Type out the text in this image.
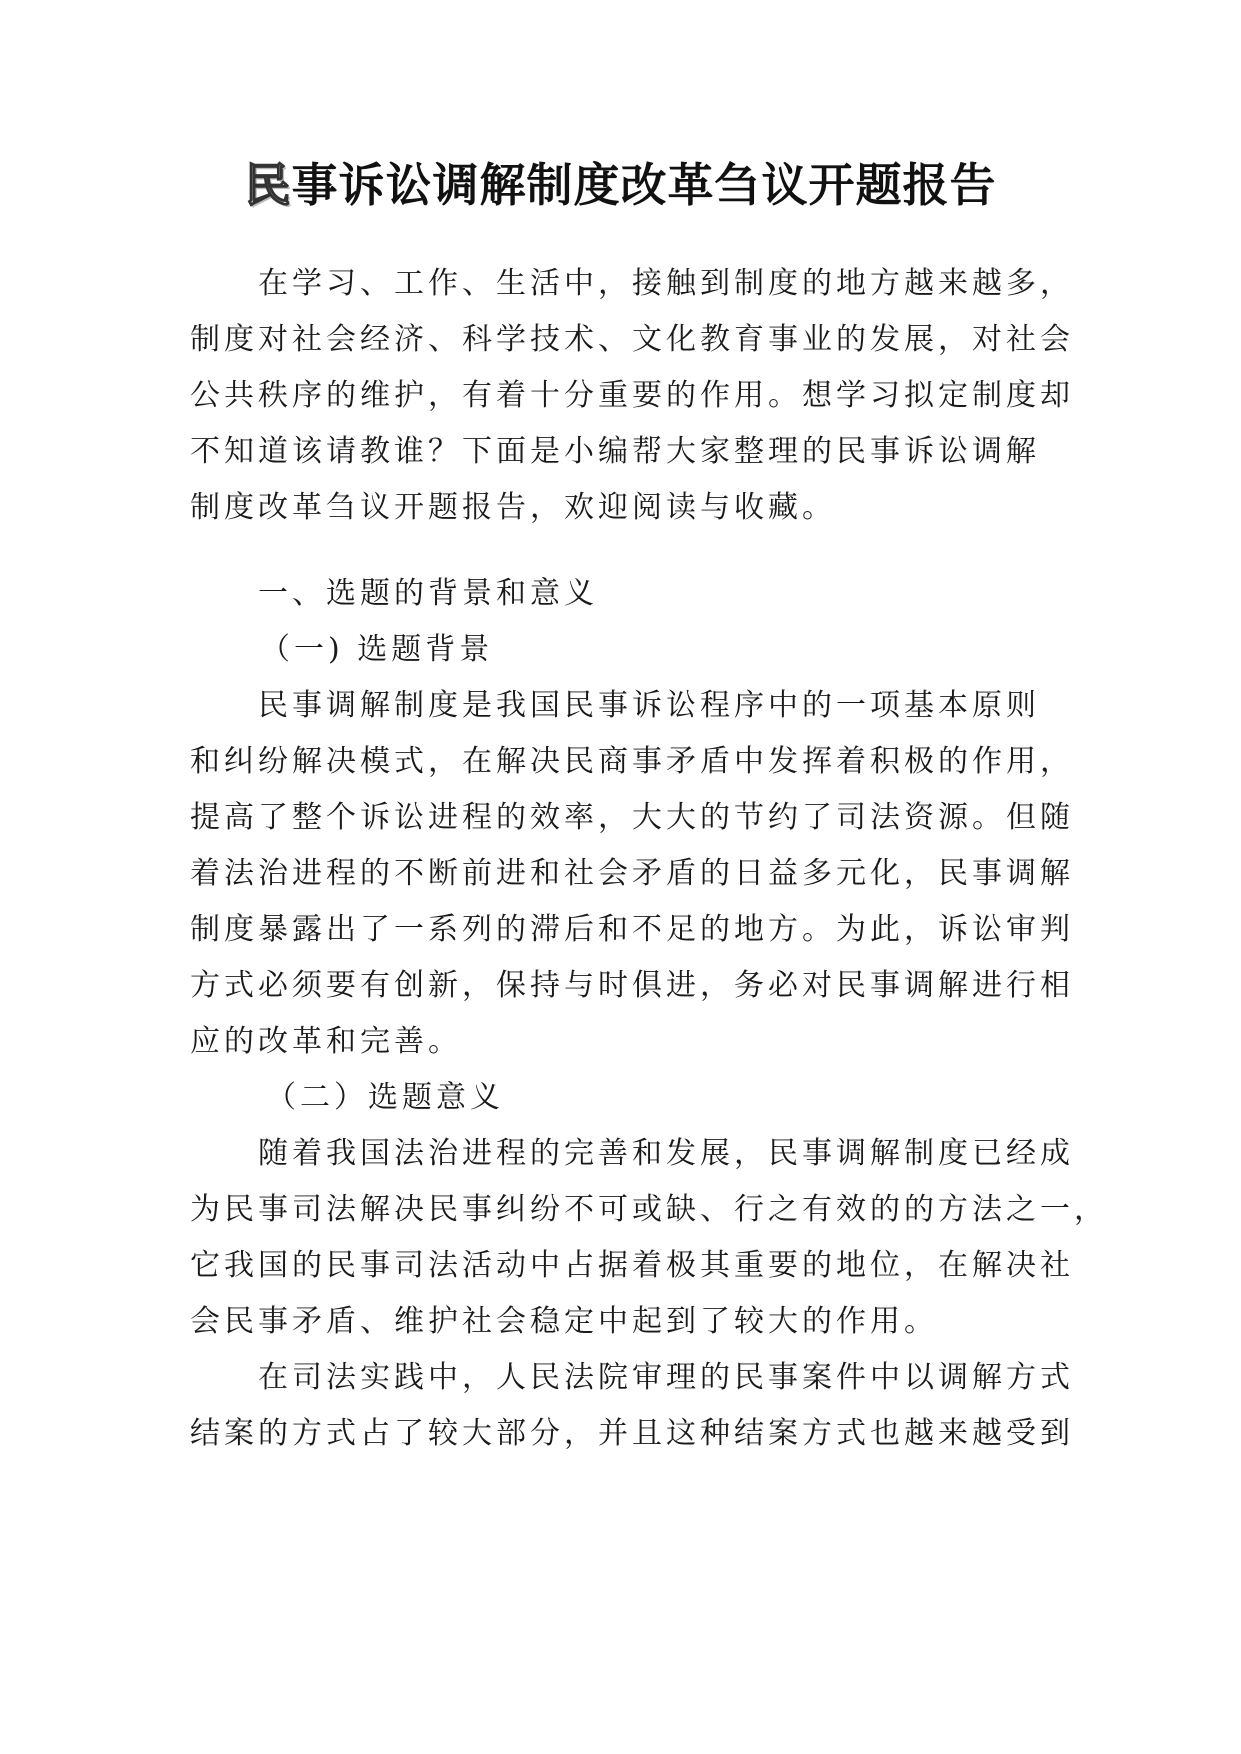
民事诉讼调解制度改革刍议开题报告
在学习、工作、生活中，接触到制度的地方越来越多，
制度对社会经济、科学技术、文化教育事业的发展，对社会
公共秩序的维护，有着十分重要的作用。想学习拟定制度却
不知道该请教谁？下面是小编帮大家整理的民事诉讼调解
制度改革刍议开题报告，欢迎阅读与收藏。
一、选题的背景和意义
（一) 选题背景
民事调解制度是我国民事诉讼程序中的一项基本原则
和纠纷解决模式，在解决民商事矛盾中发挥着积极的作用，
提高了整个诉讼进程的效率，大大的节约了司法资源。但随
着法治进程的不断前进和社会矛盾的日益多元化，民事调解
制度暴露出了一系列的滞后和不足的地方。为此，诉讼审判
方式必须要有创新，保持与时俱进，务必对民事调解进行相
应的改革和完善。
（二）选题意义
随着我国法治进程的完善和发展，民事调解制度已经成
为民事司法解决民事纠纷不可或缺、行之有效的的方法之一，
它我国的民事司法活动中占据着极其重要的地位，在解决社
会民事矛盾、维护社会稳定中起到了较大的作用。
在司法实践中，人民法院审理的民事案件中以调解方式
结案的方式占了较大部分，并且这种结案方式也越来越受到
